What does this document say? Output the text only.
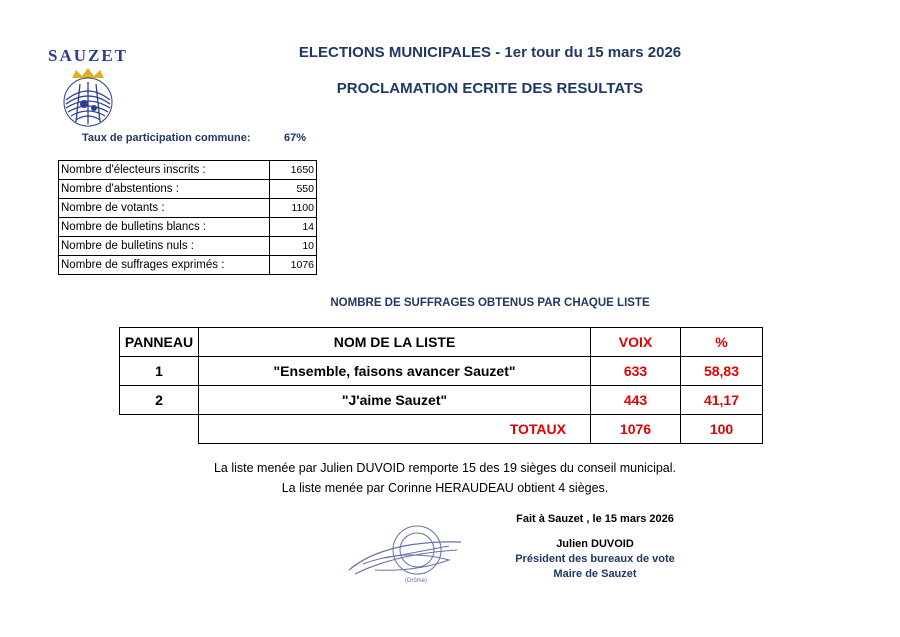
SAUZET	ELECTIONS MUNICIPALES - 1er tour du 15 mars 2026
PROCLAMATION ECRITE DES RESULTATS
Taux de participation commune:	67%
Nombre d'électeurs inscrits :	1650
Nombre d'abstentions :	550
Nombre de votants :	1100
Nombre de bulletins blancs :	14
Nombre de bulletins nuls :	10
Nombre de suffrages exprimés :	1076
NOMBRE DE SUFFRAGES OBTENUS PAR CHAQUE LISTE
PANNEAU	NOM DE LA LISTE	VOIX	%
1	"Ensemble, faisons avancer Sauzet"	633	58,83
2	"J'aime Sauzet"	443	41,17
	TOTAUX	1076	100
La liste menée par Julien DUVOID remporte 15 des 19 sièges du conseil municipal.
La liste menée par Corinne HERAUDEAU obtient 4 sièges.
Fait à Sauzet , le 15 mars 2026
Julien DUVOID
Président des bureaux de vote
Maire de Sauzet
(Drôme)
